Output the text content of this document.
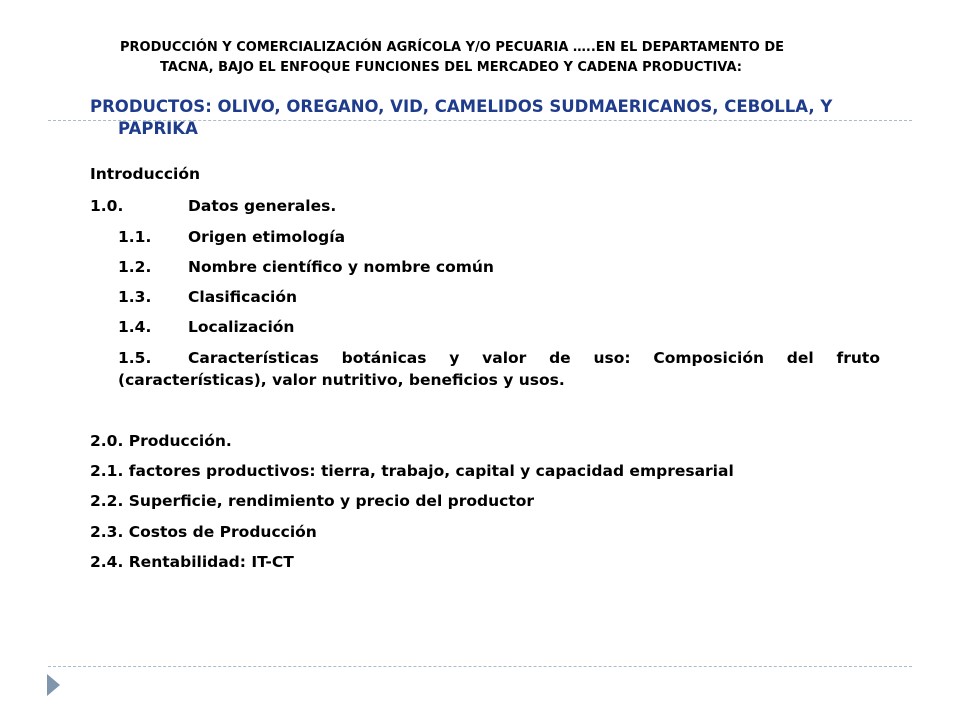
PRODUCCIÓN Y COMERCIALIZACIÓN AGRÍCOLA Y/O PECUARIA …..EN EL DEPARTAMENTO DE
TACNA, BAJO EL ENFOQUE FUNCIONES DEL MERCADEO Y CADENA PRODUCTIVA:
PRODUCTOS: OLIVO, OREGANO, VID, CAMELIDOS SUDMAERICANOS, CEBOLLA, Y
PAPRIKA
Introducción
1.0.	Datos generales.
1.1. Origen etimología
1.2. Nombre científico y nombre común
1.3. Clasificación
1.4. Localización
1.5. Características botánicas y valor de uso: Composición del fruto
(características), valor nutritivo, beneficios y usos.
2.0. Producción.
2.1. factores productivos: tierra, trabajo, capital y capacidad empresarial
2.2. Superficie, rendimiento y precio del productor
2.3. Costos de Producción
2.4. Rentabilidad: IT-CT
